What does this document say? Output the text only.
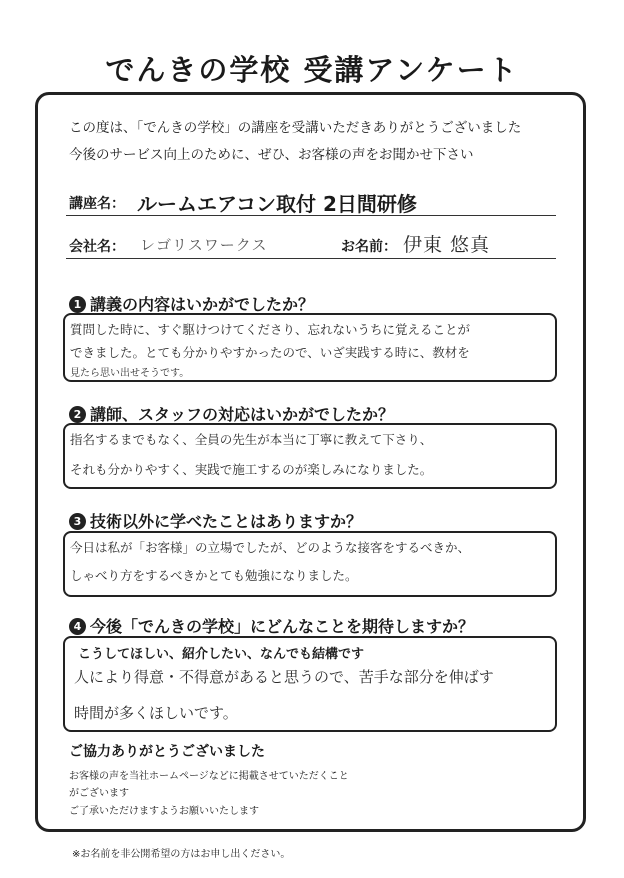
でんきの学校 受講アンケート
この度は、「でんきの学校」の講座を受講いただきありがとうございました
今後のサービス向上のために、ぜひ、お客様の声をお聞かせ下さい
講座名： ルームエアコン取付 2日間研修
会社名： レゴリスワークス	お名前： 伊東 悠真
1 講義の内容はいかがでしたか？
質問した時に、すぐ駆けつけてくださり、忘れないうちに覚えることが
できました。とても分かりやすかったので、いざ実践する時に、教材を
見たら思い出せそうです。
2 講師、スタッフの対応はいかがでしたか？
指名するまでもなく、全員の先生が本当に丁寧に教えて下さり、
それも分かりやすく、実践で施工するのが楽しみになりました。
3 技術以外に学べたことはありますか？
今日は私が「お客様」の立場でしたが、どのような接客をするべきか、
しゃべり方をするべきかとても勉強になりました。
4 今後「でんきの学校」にどんなことを期待しますか？
こうしてほしい、紹介したい、なんでも結構です
人により得意・不得意があると思うので、苦手な部分を伸ばす
時間が多くほしいです。
ご協力ありがとうございました
お客様の声を当社ホームページなどに掲載させていただくこと
がございます
ご了承いただけますようお願いいたします
※お名前を非公開希望の方はお申し出ください。
